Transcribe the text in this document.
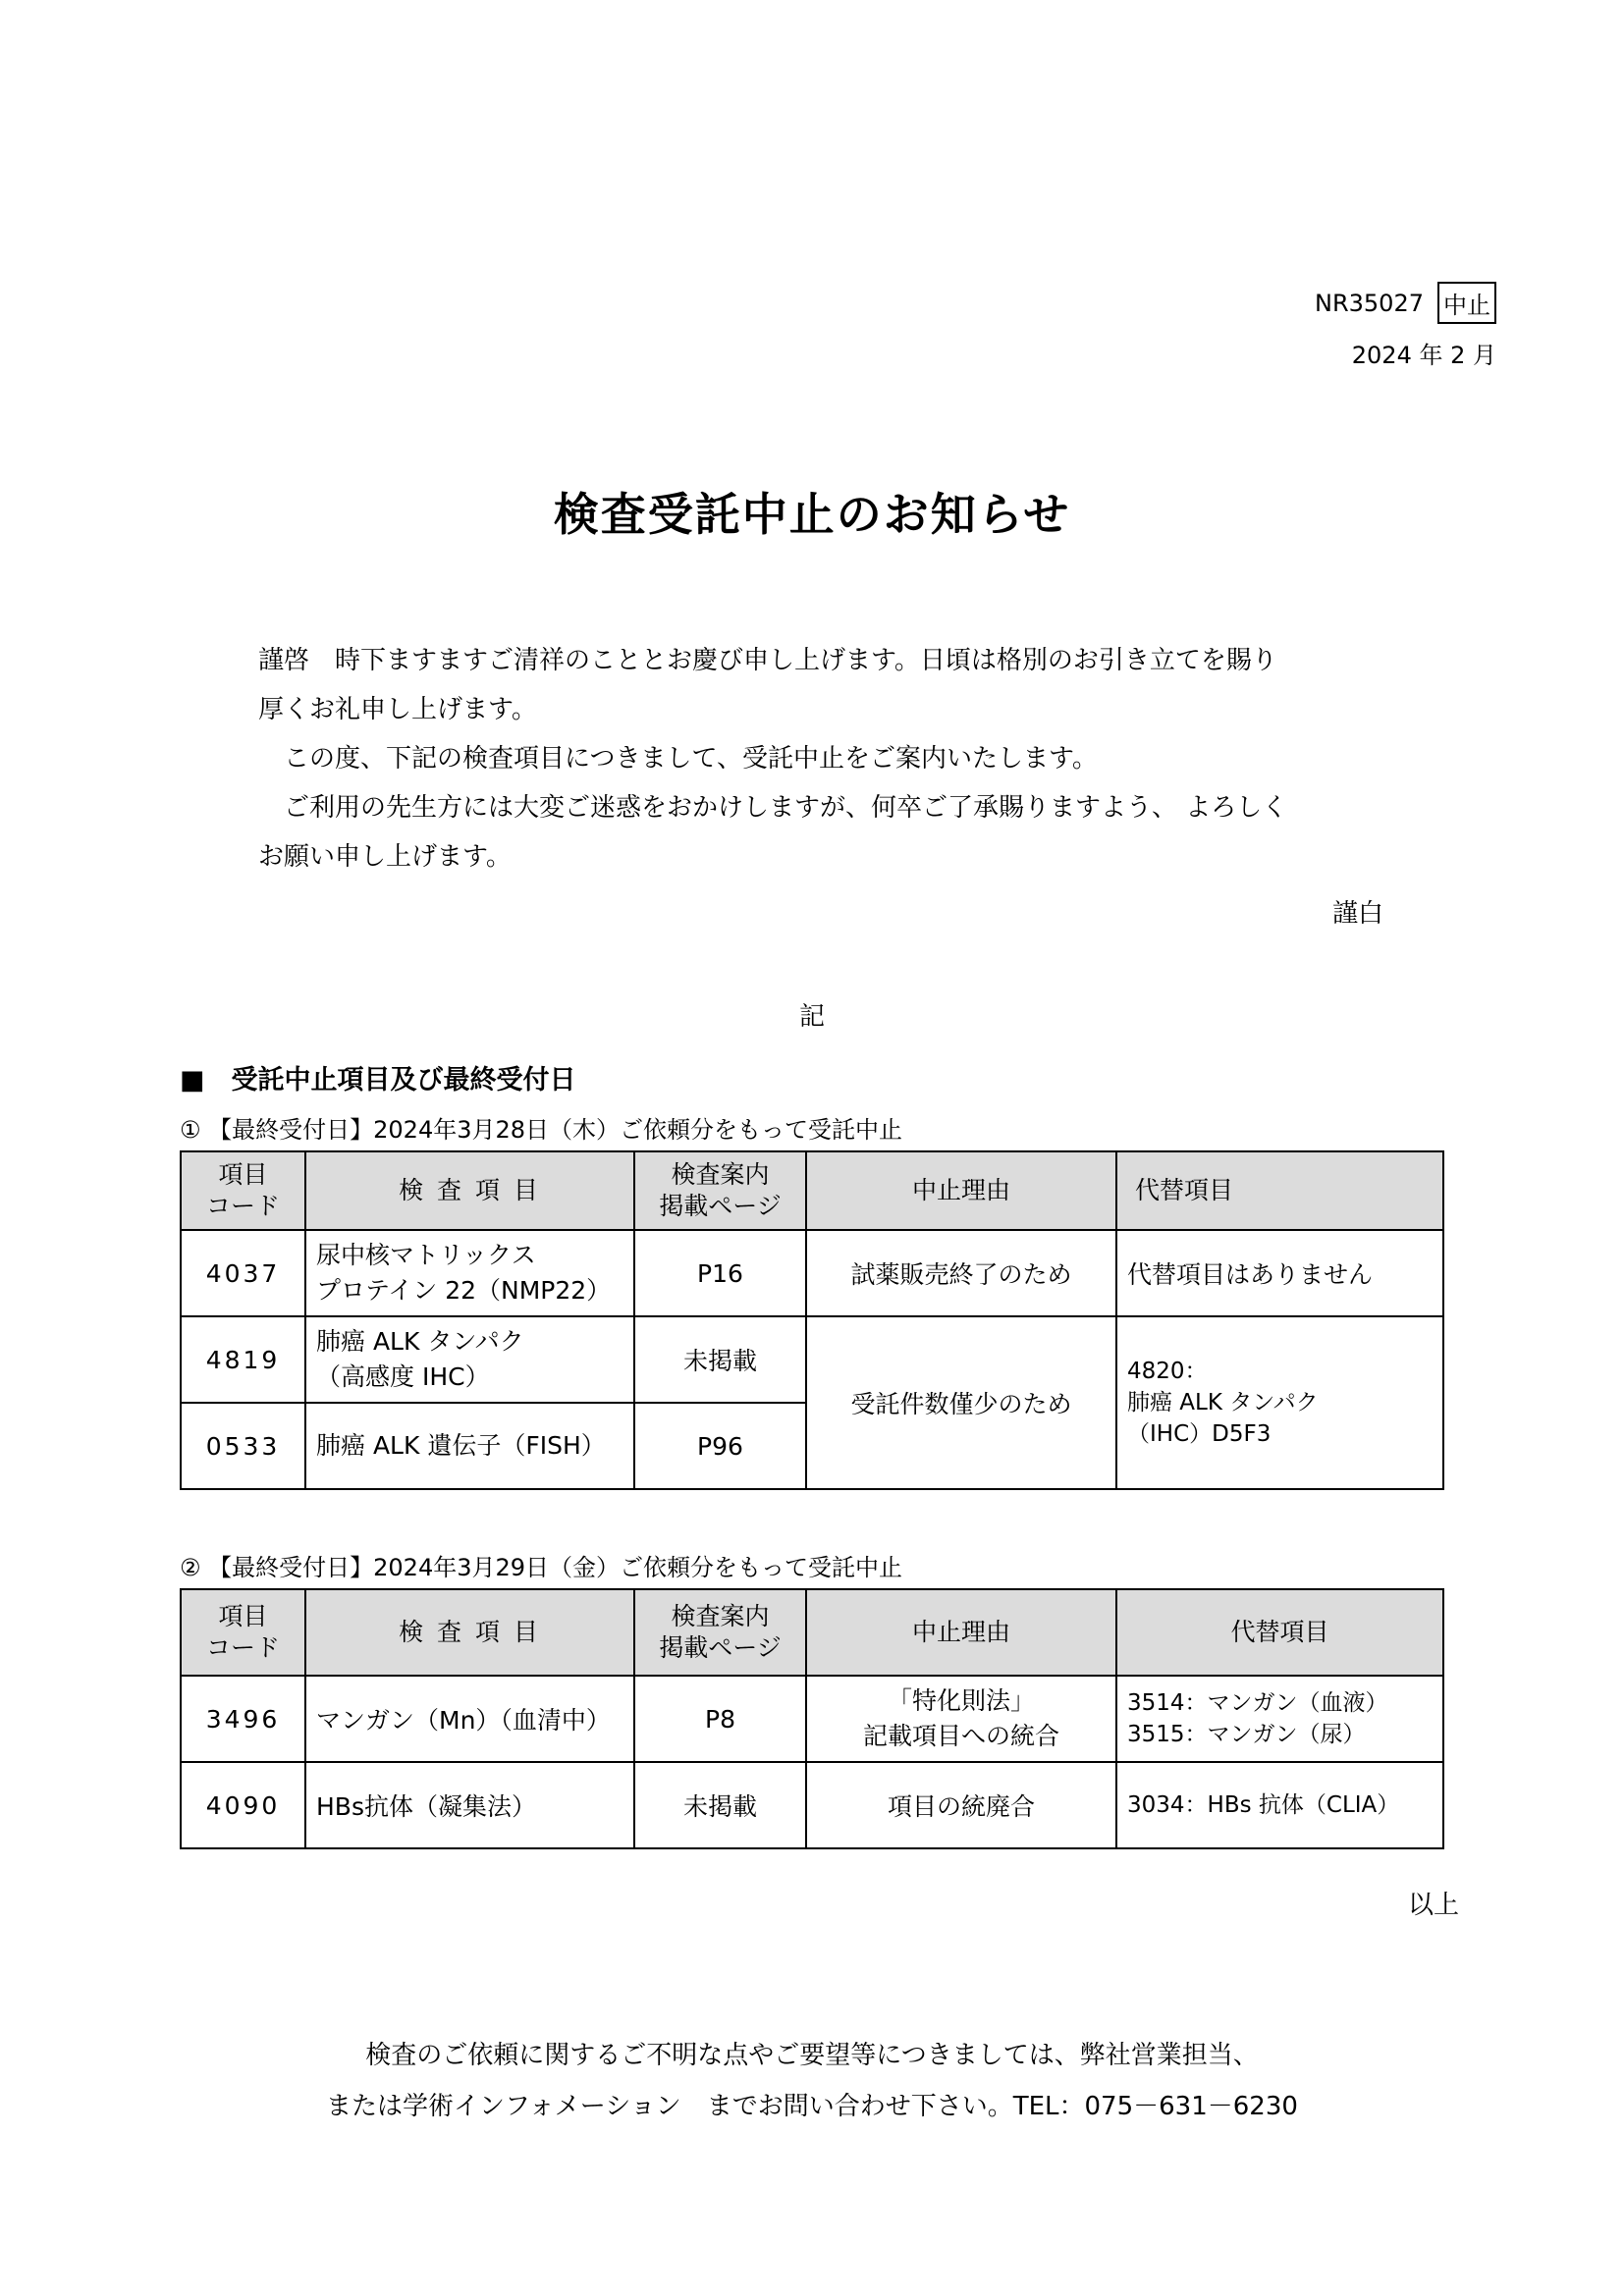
NR35027 中止
2024 年 2 月
検査受託中止のお知らせ

謹啓　時下ますますご清祥のこととお慶び申し上げます。日頃は格別のお引き立てを賜り

厚くお礼申し上げます。

　この度、下記の検査項目につきまして、受託中止をご案内いたします。

　ご利用の先生方には大変ご迷惑をおかけしますが、何卒ご了承賜りますよう、 よろしく

お願い申し上げます。

謹白
記
■　受託中止項目及び最終受付日
① 【最終受付日】2024年3月28日（木）ご依頼分をもって受託中止
項目
コード	検 査 項 目	検査案内
掲載ページ	中止理由	代替項目
4037	尿中核マトリックス
プロテイン 22（NMP22）	P16	試薬販売終了のため	代替項目はありません
4819	肺癌 ALK タンパク
（高感度 IHC）	未掲載	受託件数僅少のため	4820：
肺癌 ALK タンパク
（IHC）D5F3
0533	肺癌 ALK 遺伝子（FISH）	P96		
② 【最終受付日】2024年3月29日（金）ご依頼分をもって受託中止
項目
コード	検 査 項 目	検査案内
掲載ページ	中止理由	代替項目
3496	マンガン（Mn）（血清中）	P8	「特化則法」
記載項目への統合	3514：マンガン（血液）
3515：マンガン（尿）
4090	HBs抗体（凝集法）	未掲載	項目の統廃合	3034：HBs 抗体（CLIA）
以上

検査のご依頼に関するご不明な点やご要望等につきましては、弊社営業担当、

または学術インフォメーション　までお問い合わせ下さい。TEL：075－631－6230
